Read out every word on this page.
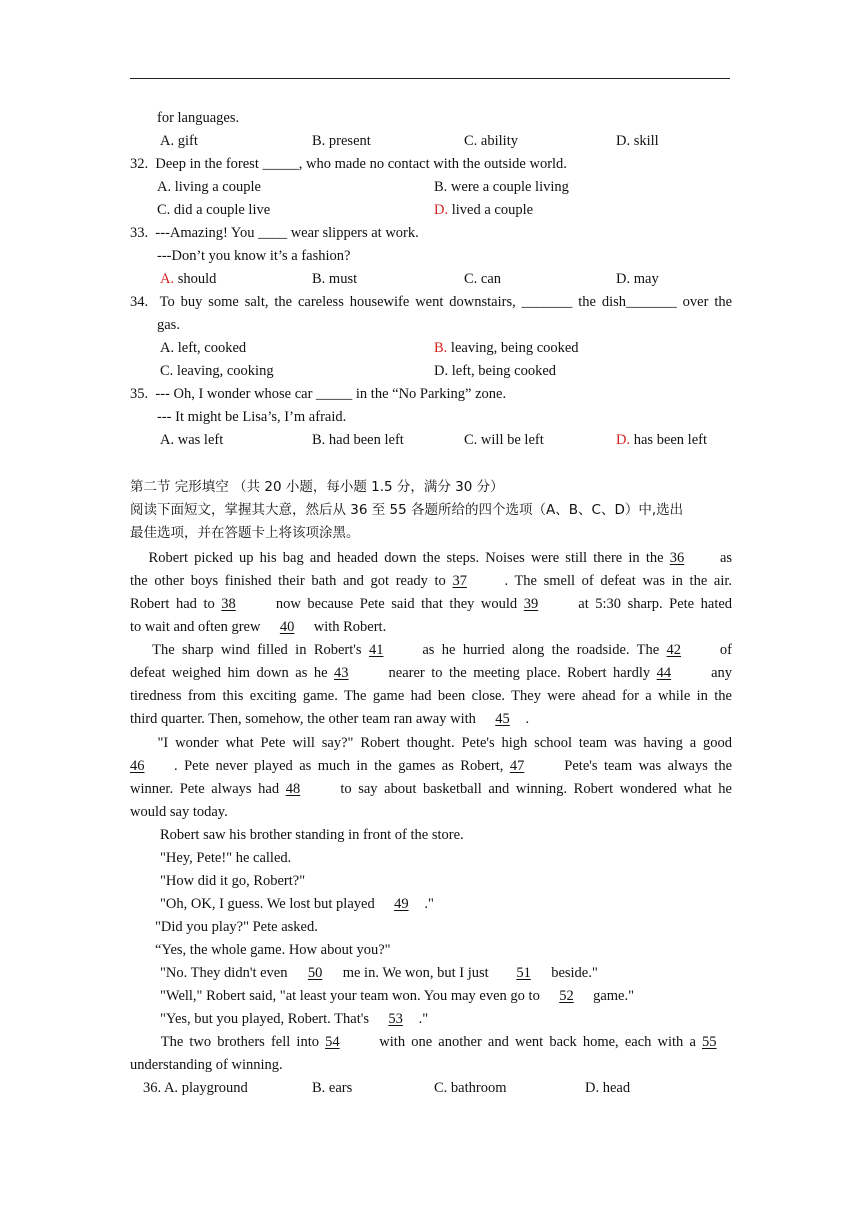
for languages.
A. gift	B. present	C. ability	D. skill
32. Deep in the forest _____, who made no contact with the outside world.
A. living a couple	B. were a couple living
C. did a couple live	D. lived a couple
33. ---Amazing! You ____ wear slippers at work.
---Don’t you know it’s a fashion?
A. should	B. must	C. can	D. may
34. To buy some salt, the careless housewife went downstairs, _______ the dish_______ over the
gas.
A. left, cooked	B. leaving, being cooked
C. leaving, cooking	D. left, being cooked
35. --- Oh, I wonder whose car _____ in the “No Parking” zone.
--- It might be Lisa’s, I’m afraid.
A. was left	B. had been left	C. will be left	D. has been left
第二节 完形填空 （共 20 小题，每小题 1.5 分，满分 30 分）
阅读下面短文，掌握其大意，然后从 36 至 55 各题所给的四个选项（A、B、C、D）中,选出
最佳选项，并在答题卡上将该项涂黑。
Robert picked up his bag and headed down the steps. Noises were still there in the 36 as
the other boys finished their bath and got ready to 37	. The smell of defeat was in the air.
Robert had to 38	now because Pete said that they would 39	at 5:30 sharp. Pete hated
to wait and often grew 40 with Robert.
The sharp wind filled in Robert's 41	as he hurried along the roadside. The 42	of
defeat weighed him down as he 43	nearer to the meeting place. Robert hardly 44	any
tiredness from this exciting game. The game had been close. They were ahead for a while in the
third quarter. Then, somehow, the other team ran away with 45 .
"I wonder what Pete will say?" Robert thought. Pete's high school team was having a good
46 . Pete never played as much in the games as Robert, 47	Pete's team was always the
winner. Pete always had 48	to say about basketball and winning. Robert wondered what he
would say today.
Robert saw his brother standing in front of the store.
"Hey, Pete!" he called.
"How did it go, Robert?"
"Oh, OK, I guess. We lost but played 49 ."
"Did you play?" Pete asked.
“Yes, the whole game. How about you?"
"No. They didn't even 50 me in. We won, but I just 51 beside."
"Well," Robert said, "at least your team won. You may even go to 52 game."
"Yes, but you played, Robert. That's 53 ."
The two brothers fell into 54	with one another and went back home, each with a 55
understanding of winning.
36. A. playground	B. ears	C. bathroom	D. head
